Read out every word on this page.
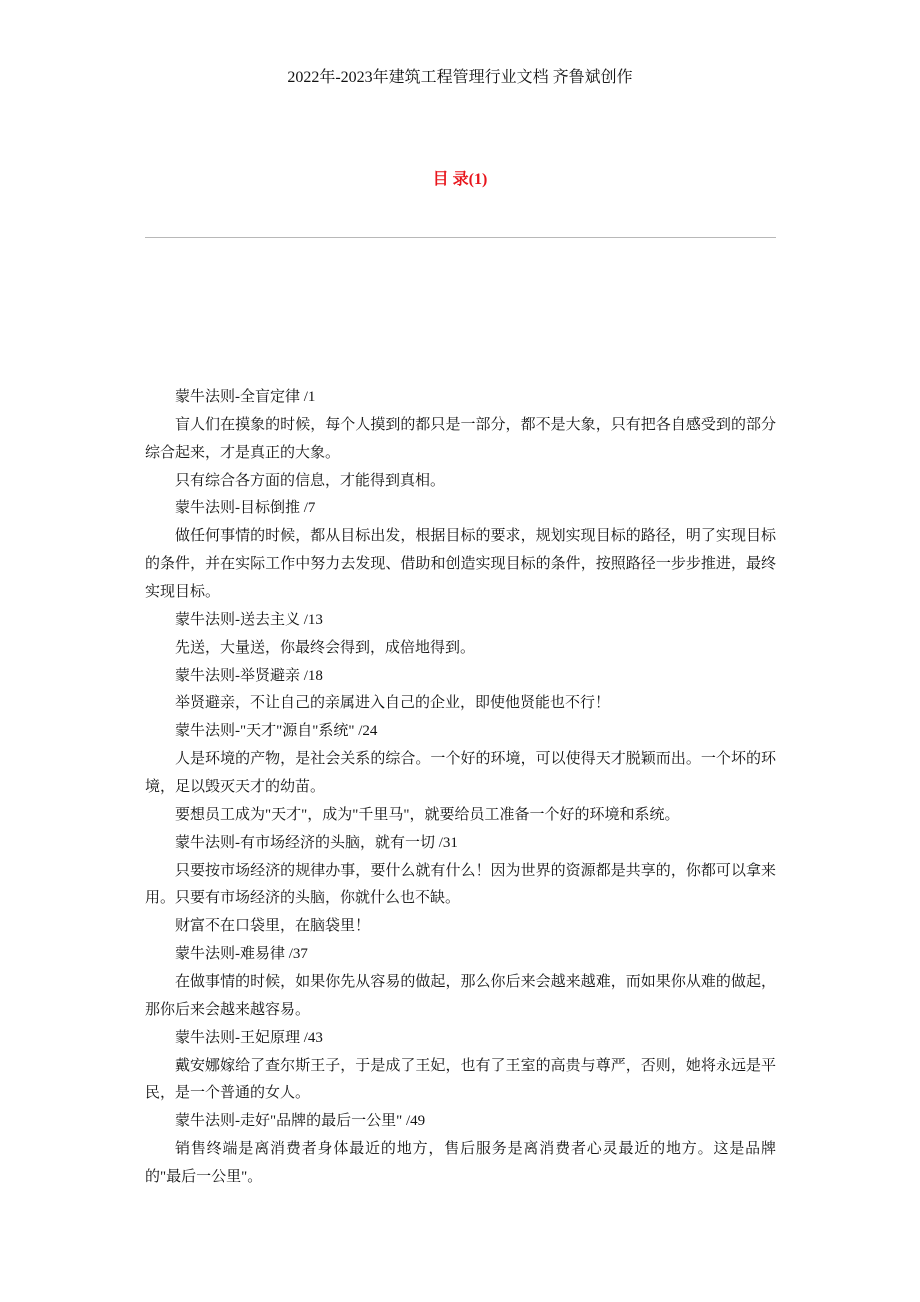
2022年-2023年建筑工程管理行业文档 齐鲁斌创作
目 录(1)

蒙牛法则-全盲定律 /1

盲人们在摸象的时候，每个人摸到的都只是一部分，都不是大象，只有把各自感受到的部分综合起来，才是真正的大象。

只有综合各方面的信息，才能得到真相。

蒙牛法则-目标倒推 /7

做任何事情的时候，都从目标出发，根据目标的要求，规划实现目标的路径，明了实现目标的条件，并在实际工作中努力去发现、借助和创造实现目标的条件，按照路径一步步推进，最终实现目标。

蒙牛法则-送去主义 /13

先送，大量送，你最终会得到，成倍地得到。

蒙牛法则-举贤避亲 /18

举贤避亲，不让自己的亲属进入自己的企业，即使他贤能也不行！

蒙牛法则-"天才"源自"系统" /24

人是环境的产物，是社会关系的综合。一个好的环境，可以使得天才脱颖而出。一个坏的环境，足以毁灭天才的幼苗。

要想员工成为"天才"，成为"千里马"，就要给员工准备一个好的环境和系统。

蒙牛法则-有市场经济的头脑，就有一切 /31

只要按市场经济的规律办事，要什么就有什么！因为世界的资源都是共享的，你都可以拿来用。只要有市场经济的头脑，你就什么也不缺。

财富不在口袋里，在脑袋里！

蒙牛法则-难易律 /37

在做事情的时候，如果你先从容易的做起，那么你后来会越来越难，而如果你从难的做起，那你后来会越来越容易。

蒙牛法则-王妃原理 /43

戴安娜嫁给了查尔斯王子，于是成了王妃，也有了王室的高贵与尊严，否则，她将永远是平民，是一个普通的女人。

蒙牛法则-走好"品牌的最后一公里" /49

销售终端是离消费者身体最近的地方，售后服务是离消费者心灵最近的地方。这是品牌的"最后一公里"。
